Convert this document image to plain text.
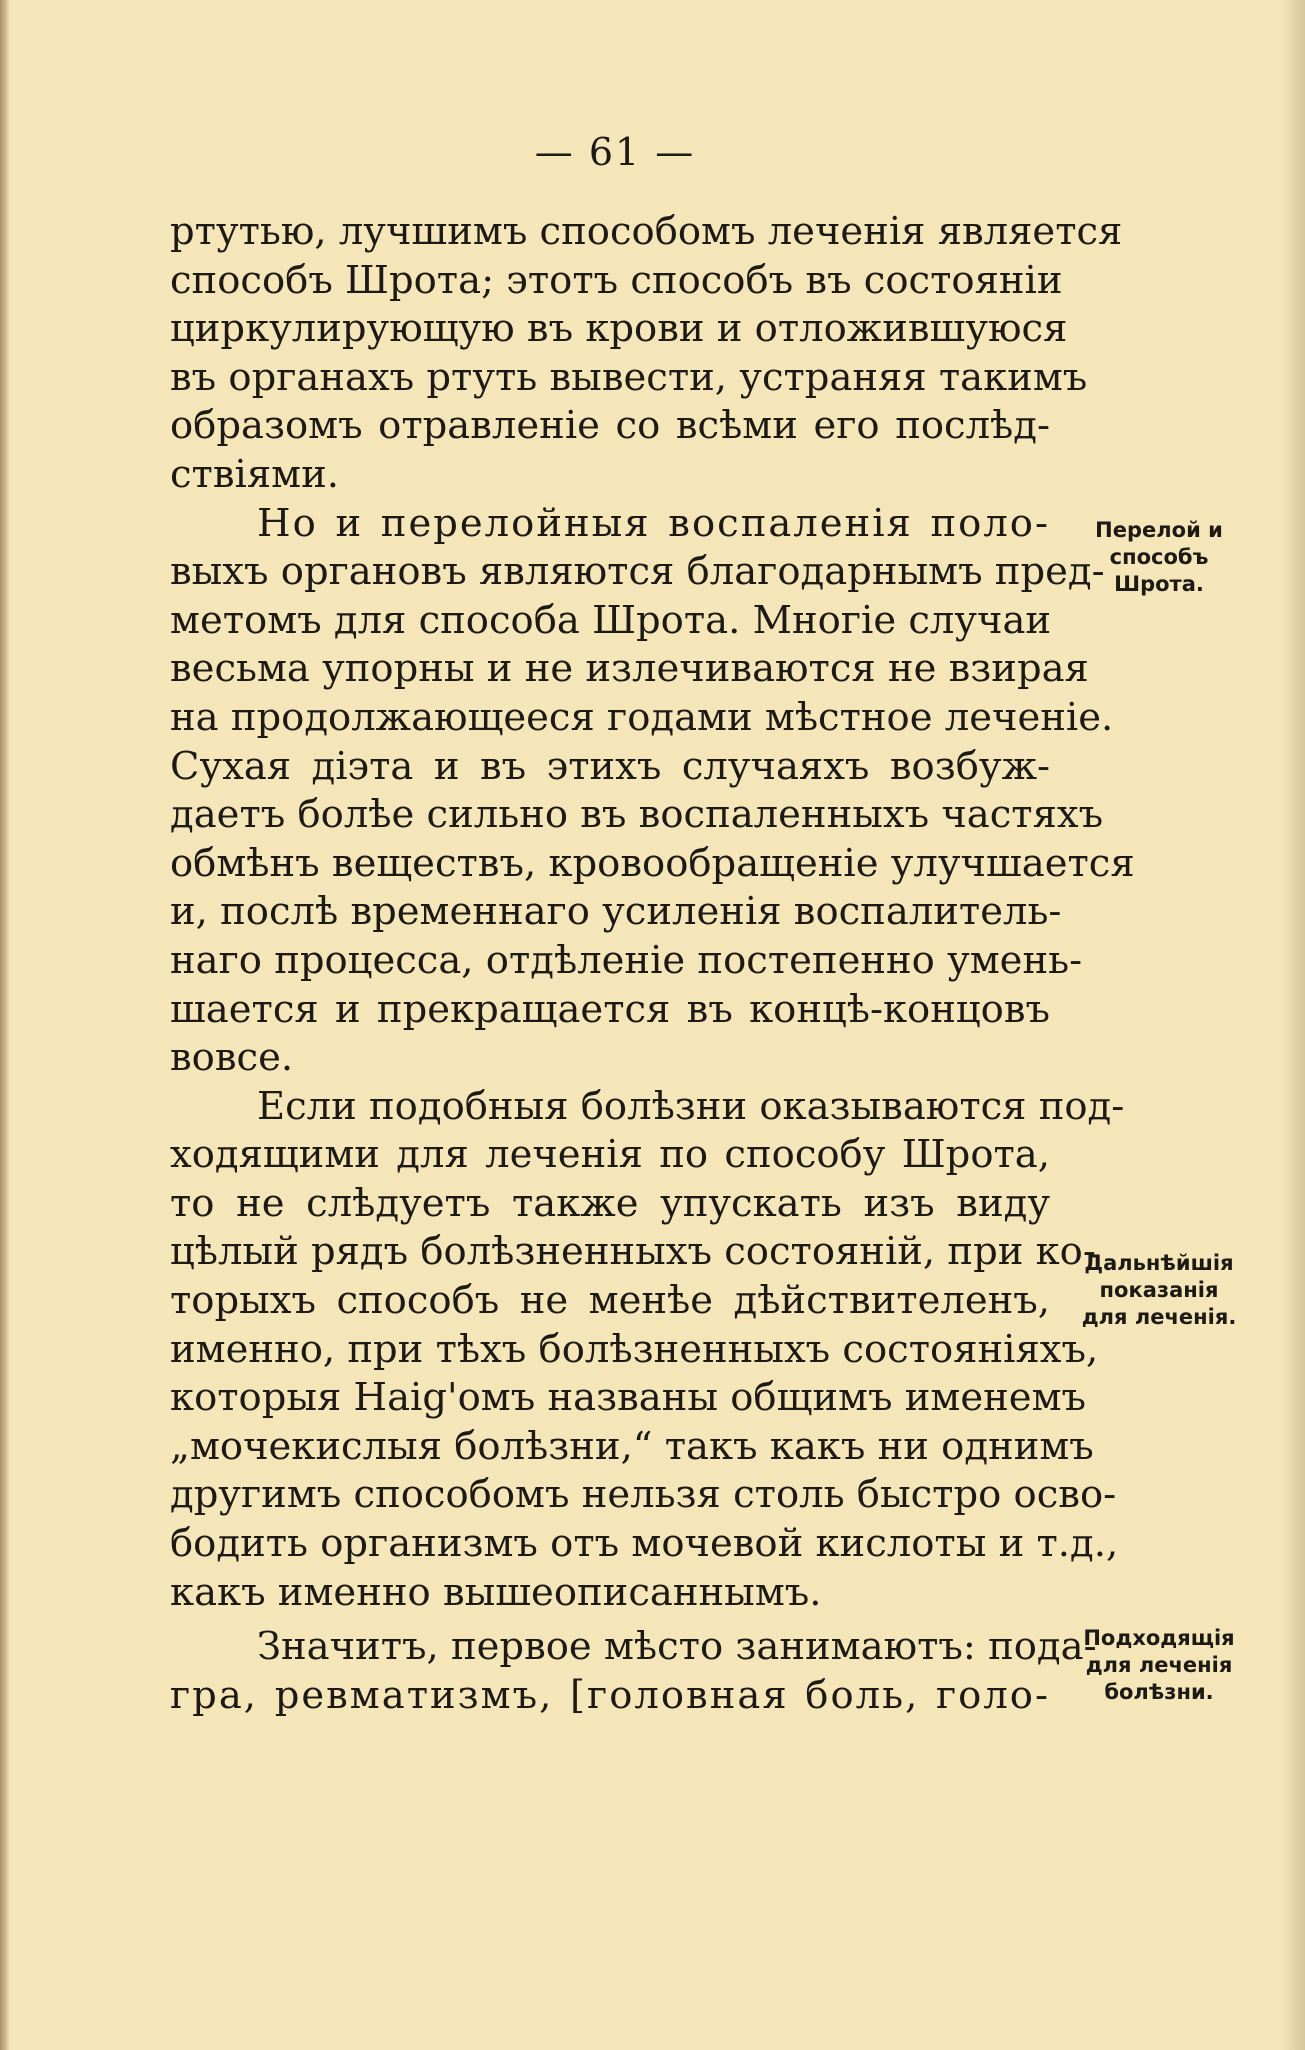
— 61 —
ртутью, лучшимъ способомъ леченія является
способъ Шрота; этотъ способъ въ состояніи
циркулирующую въ крови и отложившуюся
въ органахъ ртуть вывести, устраняя такимъ
образомъ отравленіе со всѣми его послѣд-
ствіями.
Но и перелойныя воспаленія поло-
выхъ органовъ являются благодарнымъ пред-
метомъ для способа Шрота. Многіе случаи
весьма упорны и не излечиваются не взирая
на продолжающееся годами мѣстное леченіе.
Сухая діэта и въ этихъ случаяхъ возбуж-
даетъ болѣе сильно въ воспаленныхъ частяхъ
обмѣнъ веществъ, кровообращеніе улучшается
и, послѣ временнаго усиленія воспалитель-
наго процесса, отдѣленіе постепенно умень-
шается и прекращается въ концѣ-концовъ
вовсе.
Если подобныя болѣзни оказываются под-
ходящими для леченія по способу Шрота,
то не слѣдуетъ также упускать изъ виду
цѣлый рядъ болѣзненныхъ состояній, при ко-
торыхъ способъ не менѣе дѣйствителенъ,
именно, при тѣхъ болѣзненныхъ состояніяхъ,
которыя Haig'омъ названы общимъ именемъ
„мочекислыя болѣзни,“ такъ какъ ни однимъ
другимъ способомъ нельзя столь быстро осво-
бодить организмъ отъ мочевой кислоты и т.д.,
какъ именно вышеописаннымъ.
Значитъ, первое мѣсто занимаютъ: пода-
гра, ревматизмъ, [головная боль, голо-
Перелой и
способъ
Шрота.
Дальнѣйшія
показанія
для леченія.
Подходящія
для леченія
болѣзни.
